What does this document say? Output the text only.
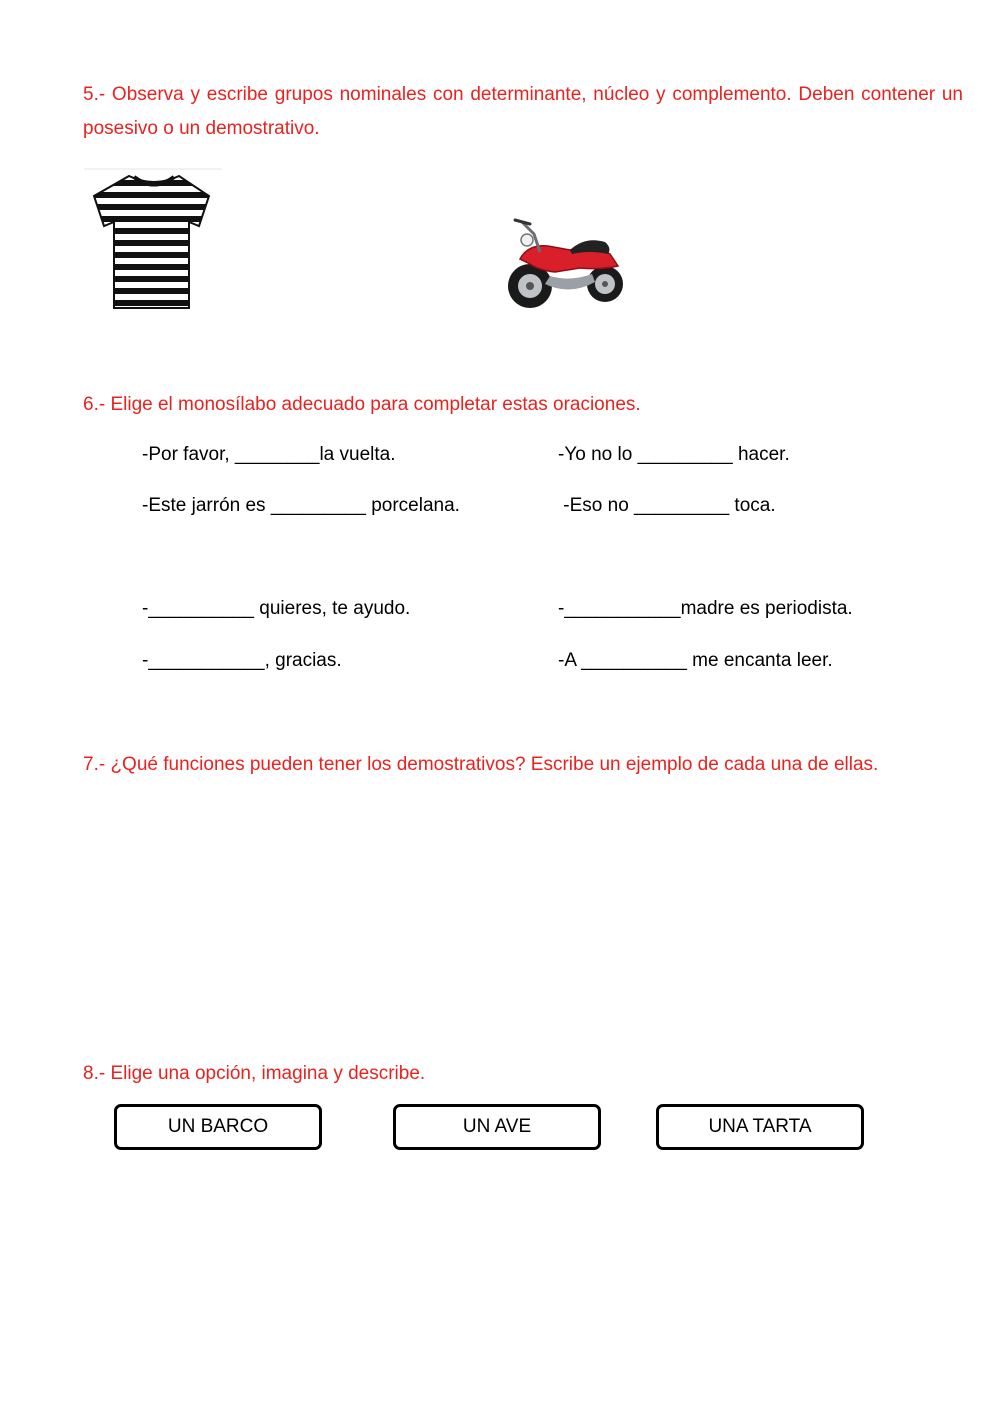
5.- Observa y escribe grupos nominales con determinante, núcleo y complemento. Deben contener un posesivo o un demostrativo.

6.- Elige el monosílabo adecuado para completar estas oraciones.

-Por favor, ________la vuelta.	-Yo no lo _________ hacer.
-Este jarrón es _________ porcelana.	-Eso no _________ toca.
-__________ quieres, te ayudo.	-___________madre es periodista.
-___________, gracias.	-A __________ me encanta leer.

7.- ¿Qué funciones pueden tener los demostrativos? Escribe un ejemplo de cada una de ellas.

8.- Elige una opción, imagina y describe.

UN BARCO	UN AVE	UNA TARTA
